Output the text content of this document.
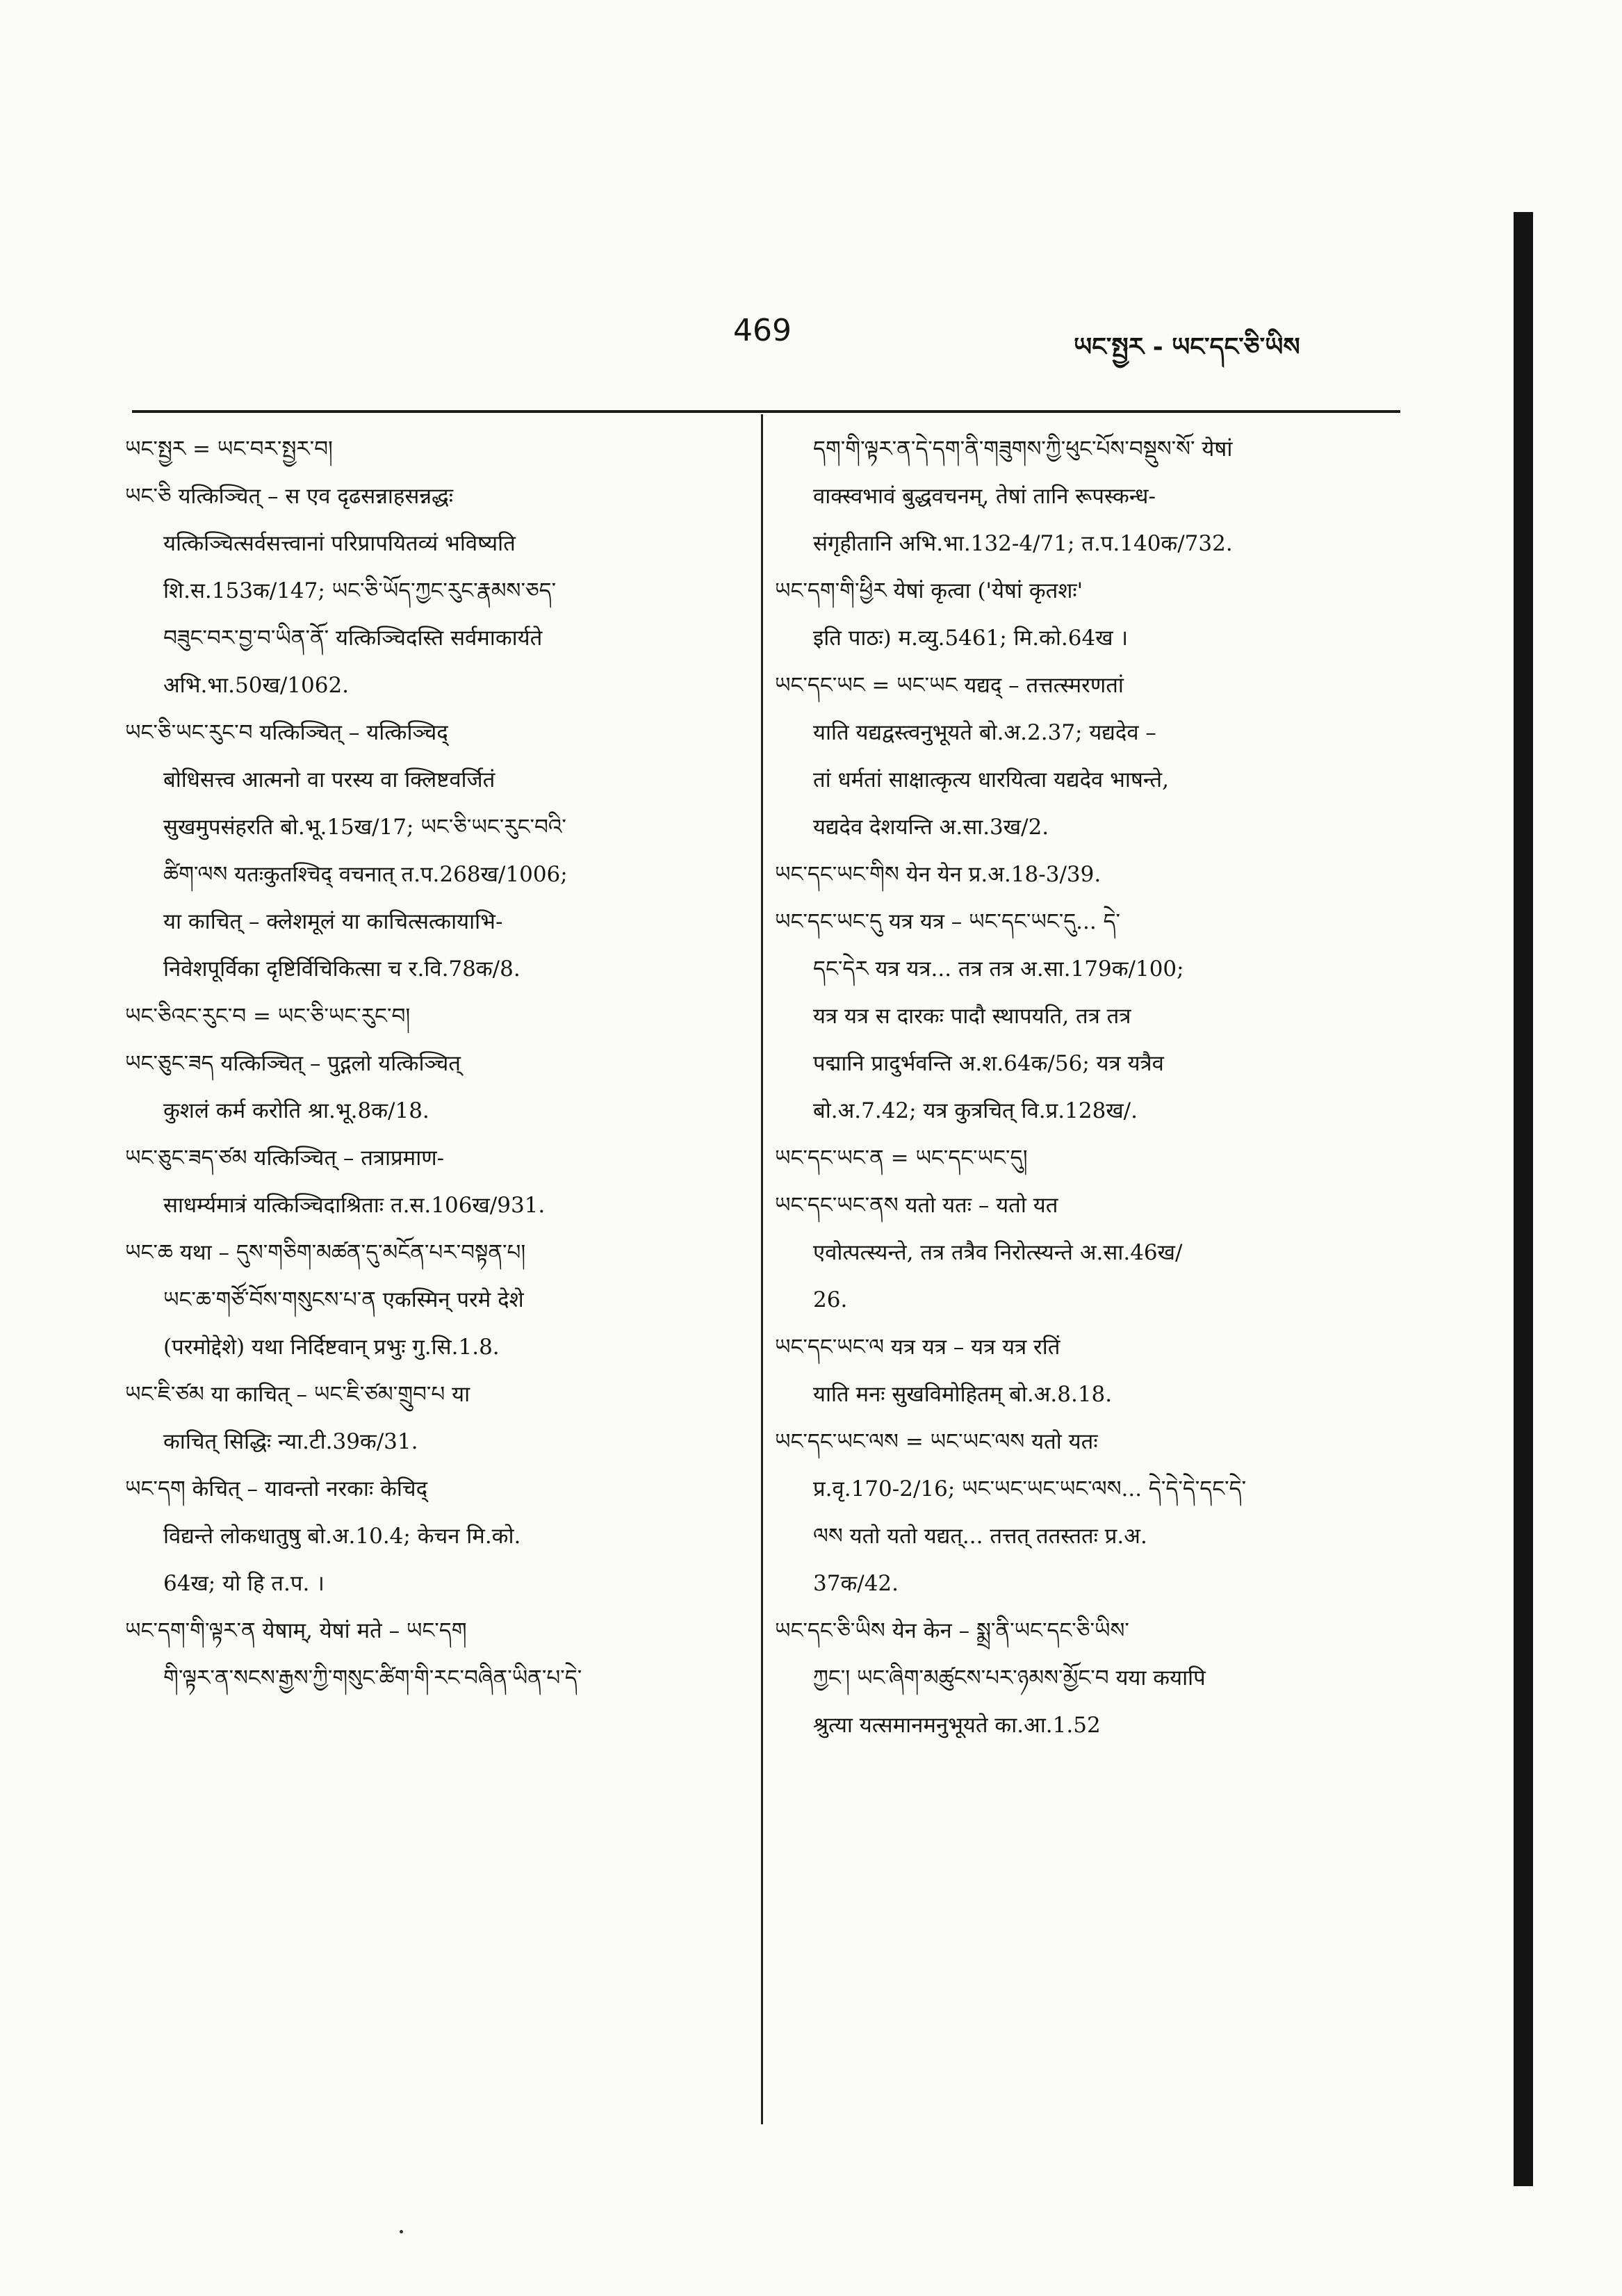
469	ཡང་སྤྱར - ཡང་དང་ཅི་ཡིས
ཡང་སྤྱར = ཡང་བར་སྤྱར་བ།
ཡང་ཅི यत्किञ्चित् – स एव दृढसन्नाहसन्नद्धः
यत्किञ्चित्सर्वसत्त्वानां परिप्रापयितव्यं भविष्यति
शि.स.153क/147; ཡང་ཅི་ཡོད་ཀྱང་རུང་རྣམས་ཅད་
བཟུང་བར་བྱ་བ་ཡིན་ནོ་ यत्किञ्चिदस्ति सर्वमाकार्यते
अभि.भा.50ख/1062.
ཡང་ཅི་ཡང་རུང་བ यत्किञ्चित् – यत्किञ्चिद्
बोधिसत्त्व आत्मनो वा परस्य वा क्लिष्टवर्जितं
सुखमुपसंहरति बो.भू.15ख/17; ཡང་ཅི་ཡང་རུང་བའི་
ཚིག་ལས यतःकुतश्चिद् वचनात् त.प.268ख/1006;
या काचित् – क्लेशमूलं या काचित्सत्कायाभि-
निवेशपूर्विका दृष्टिर्विचिकित्सा च र.वि.78क/8.
ཡང་ཅིའང་རུང་བ = ཡང་ཅི་ཡང་རུང་བ།
ཡང་ཅུང་ཟད यत्किञ्चित् – पुद्गलो यत्किञ्चित्
कुशलं कर्म करोति श्रा.भू.8क/18.
ཡང་ཅུང་ཟད་ཙམ यत्किञ्चित् – तत्राप्रमाण-
साधर्म्यमात्रं यत्किञ्चिदाश्रिताः त.स.106ख/931.
ཡང་ཆ यथा – དུས་གཅིག་མཚན་དུ་མངོན་པར་བསྟན་པ།
ཡང་ཆ་གཙོ་བོས་གསུངས་པ་ན एकस्मिन् परमे देशे
(परमोद्देशे) यथा निर्दिष्टवान् प्रभुः गु.सि.1.8.
ཡང་ཇི་ཙམ या काचित् – ཡང་ཇི་ཙམ་གྲུབ་པ या
काचित् सिद्धिः न्या.टी.39क/31.
ཡང་དག केचित् – यावन्तो नरकाः केचिद्
विद्यन्ते लोकधातुषु बो.अ.10.4; केचन मि.को.
64ख; यो हि त.प. ।
ཡང་དག་གི་ལྟར་ན येषाम्, येषां मते – ཡང་དག
གི་ལྟར་ན་སངས་རྒྱས་ཀྱི་གསུང་ཚིག་གི་རང་བཞིན་ཡིན་པ་དེ་
དག་གི་ལྟར་ན་དེ་དག་ནི་གཟུགས་ཀྱི་ཕུང་པོས་བསྡུས་སོ་ येषां
वाक्स्वभावं बुद्धवचनम्, तेषां तानि रूपस्कन्ध-
संगृहीतानि अभि.भा.132-4/71; त.प.140क/732.
ཡང་དག་གི་ཕྱིར येषां कृत्वा ('येषां कृतशः'
इति पाठः) म.व्यु.5461; मि.को.64ख ।
ཡང་དང་ཡང = ཡང་ཡང यद्यद् – तत्तत्स्मरणतां
याति यद्यद्वस्त्वनुभूयते बो.अ.2.37; यद्यदेव –
तां धर्मतां साक्षात्कृत्य धारयित्वा यद्यदेव भाषन्ते,
यद्यदेव देशयन्ति अ.सा.3ख/2.
ཡང་དང་ཡང་གིས येन येन प्र.अ.18-3/39.
ཡང་དང་ཡང་དུ यत्र यत्र – ཡང་དང་ཡང་དུ... དེ་
དང་དེར यत्र यत्र... तत्र तत्र अ.सा.179क/100;
यत्र यत्र स दारकः पादौ स्थापयति, तत्र तत्र
पद्मानि प्रादुर्भवन्ति अ.श.64क/56; यत्र यत्रैव
बो.अ.7.42; यत्र कुत्रचित् वि.प्र.128ख/.
ཡང་དང་ཡང་ན = ཡང་དང་ཡང་དུ།
ཡང་དང་ཡང་ནས यतो यतः – यतो यत
एवोत्पत्स्यन्ते, तत्र तत्रैव निरोत्स्यन्ते अ.सा.46ख/
26.
ཡང་དང་ཡང་ལ यत्र यत्र – यत्र यत्र रतिं
याति मनः सुखविमोहितम् बो.अ.8.18.
ཡང་དང་ཡང་ལས = ཡང་ཡང་ལས यतो यतः
प्र.वृ.170-2/16; ཡང་ཡང་ཡང་ཡང་ལས... དེ་དེ་དེ་དང་དེ་
ལས यतो यतो यद्यत्... तत्तत् ततस्ततः प्र.अ.
37क/42.
ཡང་དང་ཅི་ཡིས येन केन – སྨྲ་ནི་ཡང་དང་ཅི་ཡིས་
ཀྱང་། ཡང་ཞིག་མཚུངས་པར་ཉམས་མྱོང་བ यया कयापि
श्रुत्या यत्समानमनुभूयते का.आ.1.52
